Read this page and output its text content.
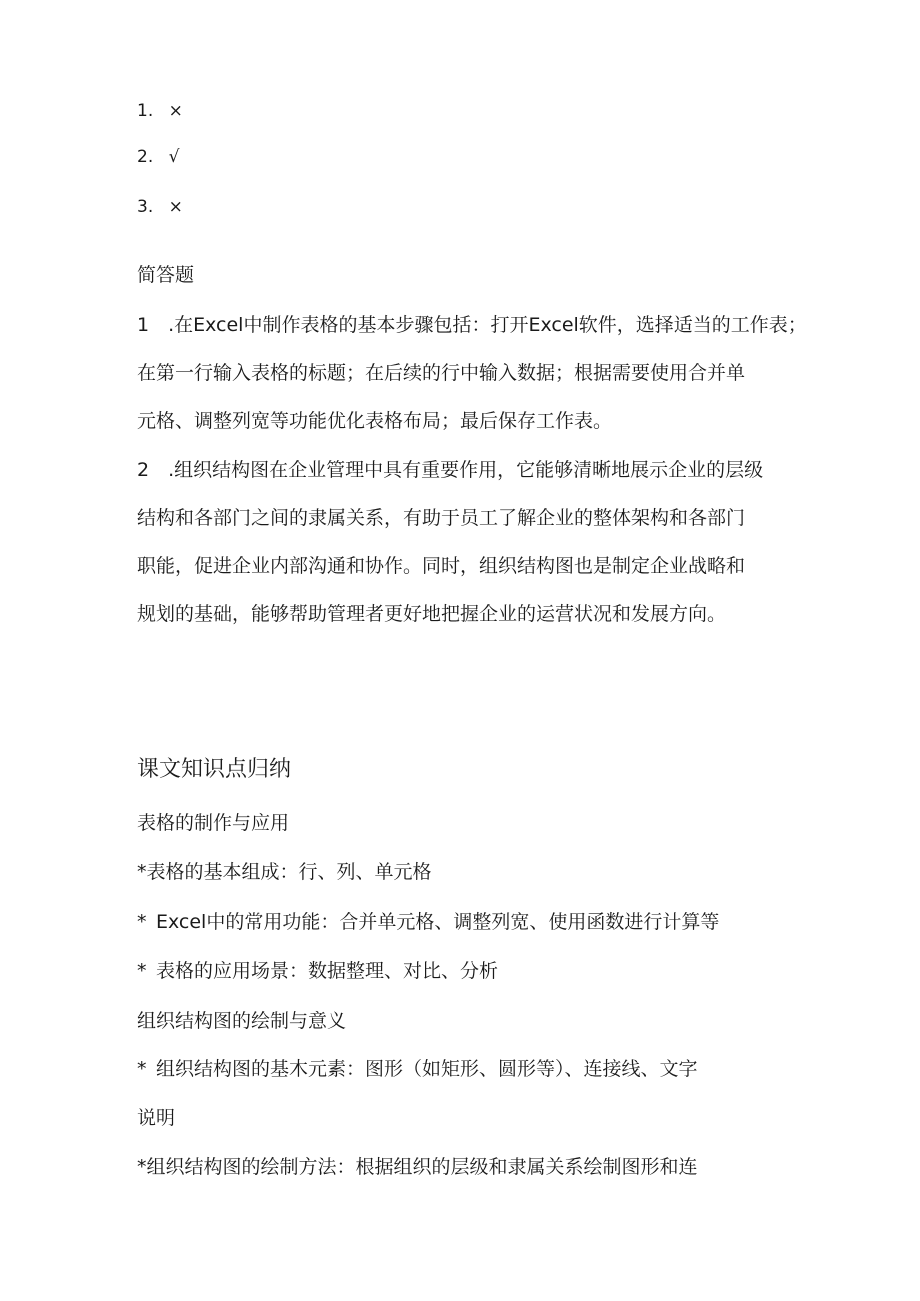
1. ×
2. √
3. ×
简答题
1 .在Excel中制作表格的基本步骤包括：打开Excel软件，选择适当的工作表；
在第一行输入表格的标题；在后续的行中输入数据；根据需要使用合并单
元格、调整列宽等功能优化表格布局；最后保存工作表。
2 .组织结构图在企业管理中具有重要作用，它能够清晰地展示企业的层级
结构和各部门之间的隶属关系，有助于员工了解企业的整体架构和各部门
职能，促进企业内部沟通和协作。同时，组织结构图也是制定企业战略和
规划的基础，能够帮助管理者更好地把握企业的运营状况和发展方向。
课文知识点归纳
表格的制作与应用
*表格的基本组成：行、列、单元格
* Excel中的常用功能：合并单元格、调整列宽、使用函数进行计算等
* 表格的应用场景：数据整理、对比、分析
组织结构图的绘制与意义
* 组织结构图的基木元素：图形（如矩形、圆形等）、连接线、文字
说明
*组织结构图的绘制方法：根据组织的层级和隶属关系绘制图形和连
